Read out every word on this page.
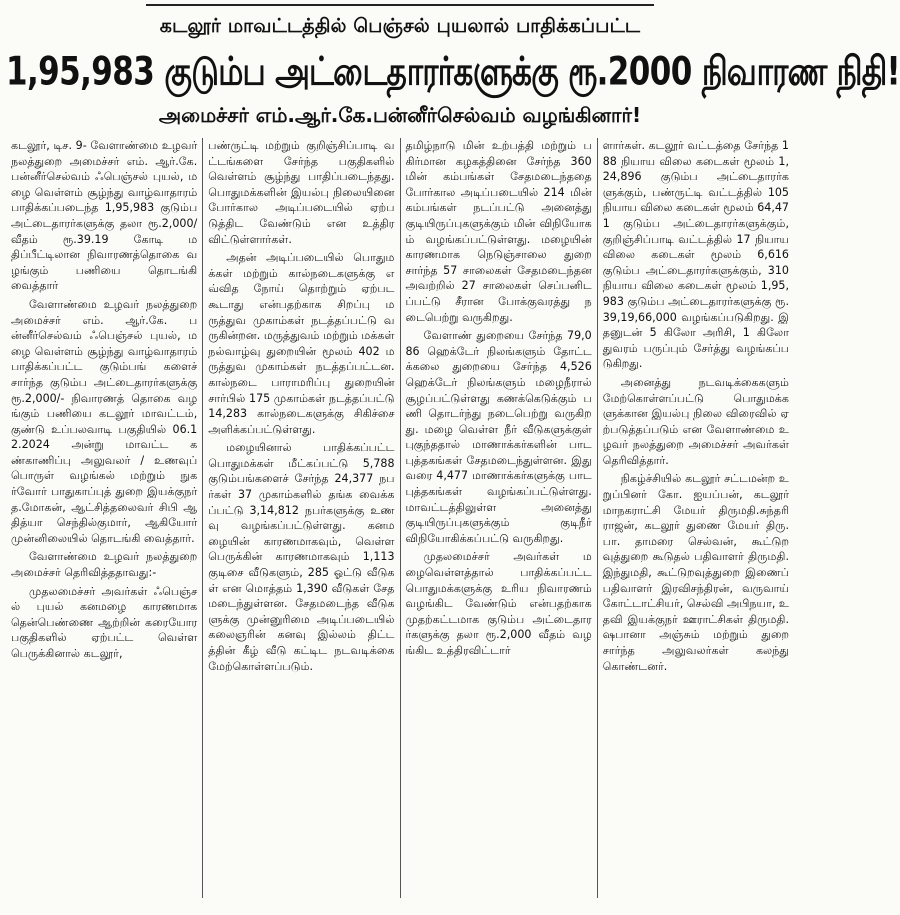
கடலூர் மாவட்டத்தில் பெஞ்சல் புயலால் பாதிக்கப்பட்ட
1,95,983 குடும்ப அட்டைதாரர்களுக்கு ரூ.2000 நிவாரண நிதி!
அமைச்சர் எம்.ஆர்.கே.பன்னீர்செல்வம் வழங்கினார்!

கடலூர், டிச. 9- வேளாண்மை உழவர் நலத்துறை அமைச்சர் எம். ஆர்.கே. பன்னீர்செல்வம் ஃபெஞ்சல் புயல், மழை வெள்ளம் சூழ்ந்து வாழ்வாதாரம் பாதிக்கப்படைந்த 1,95,983 குடும்ப அட்டைதாரர்களுக்கு தலா ரூ.2,000/ வீதம் ரூ.39.19 கோடி மதிப்பீட்டிலான நிவாரணத்தொகை வழங்கும் பணியை தொடங்கி வைத்தார்

வேளாண்மை உழவர் நலத்துறை அமைச்சர் எம். ஆர்.கே. பன்னீர்செல்வம் ஃபெஞ்சல் புயல், மழை வெள்ளம் சூழ்ந்து வாழ்வாதாரம் பாதிக்கப்பட்ட குடும்பங் களைச் சார்ந்த குடும்ப அட்டைதாரர்களுக்கு ரூ.2,000/- நிவாரணத் தொகை வழங்கும் பணியை கடலூர் மாவட்டம், குண்டு உப்பலவாடி பகுதியில் 06.12.2024 அன்று மாவட்ட கண்காணிப்பு அலுவலர் / உணவுப் பொருள் வழங்கல் மற்றும் நுகர்வோர் பாதுகாப்புத் துறை இயக்குநர் த.மோகன், ஆட்சித்தலைவர் சிபி ஆதித்யா செந்தில்குமார், ஆகியோர் முன்னிலையில் தொடங்கி வைத்தார்.

வேளாண்மை உழவர் நலத்துறை அமைச்சர் தெரிவித்ததாவது:-

முதலமைச்சர் அவர்கள் ஃபெஞ்சல் புயல் கனமழை காரணமாக தென்பெண்ணை ஆற்றின் கரையோர பகுதிகளில் ஏற்பட்ட வெள்ள பெருக்கினால் கடலூர்,

பண்ருட்டி மற்றும் குறிஞ்சிப்பாடி வட்டங்களை சேர்ந்த பகுதிகளில் வெள்ளம் சூழ்ந்து பாதிப்படைந்தது. பொதுமக்களின் இயல்பு நிலையினை போர்கால அடிப்படையில் ஏற்படுத்திட வேண்டும் என உத்திரவிட்டுள்ளார்கள்.

அதன் அடிப்படையில் பொதுமக்கள் மற்றும் கால்நடைகளுக்கு எவ்வித நோய் தொற்றும் ஏற்படகூடாது என்பதற்காக சிறப்பு மருத்துவ முகாம்கள் நடத்தப்பட்டு வருகின்றன. மருத்துவம் மற்றும் மக்கள் நல்வாழ்வு துறையின் மூலம் 402 மருத்துவ முகாம்கள் நடத்தப்பட்டன. கால்நடை பாராமரிப்பு துறையின் சார்பில் 175 முகாம்கள் நடத்தப்பட்டு 14,283 கால்நடைகளுக்கு சிகிச்சை அளிக்கப்பட்டுள்ளது.

மழையினால் பாதிக்கப்பட்ட பொதுமக்கள் மீட்கப்பட்டு 5,788 குடும்பங்களைச் சேர்ந்த 24,377 நபர்கள் 37 முகாம்களில் தங்க வைக்கப்பட்டு 3,14,812 நபர்களுக்கு உணவு வழங்கப்பட்டுள்ளது. கனமழையின் காரணமாகவும், வெள்ள பெருக்கின் காரணமாகவும் 1,113 குடிசை வீடுகளும், 285 ஓட்டு வீடுகள் என மொத்தம் 1,390 வீடுகள் சேதமடைந்துள்ளன. சேதமடைந்த வீடுகளுக்கு முன்னுரிமை அடிப்படையில் கலைஞரின் கனவு இல்லம் திட்டத்தின் கீழ் வீடு கட்டிட நடவடிக்கை மேற்கொள்ளப்படும்.

தமிழ்நாடு மின் உற்பத்தி மற்றும் பகிர்மான கழகத்தினை சேர்ந்த 360 மின் கம்பங்கள் சேதமடைந்ததை போர்கால அடிப்படையில் 214 மின் கம்பங்கள் நடப்பட்டு அனைத்து குடியிருப்புகளுக்கும் மின் விநியோகம் வழங்கப்பட்டுள்ளது. மழையின் காரணமாக நெடுஞ்சாலை துறை சார்ந்த 57 சாலைகள் சேதமடைந்தன அவற்றில் 27 சாலைகள் செப்பனிடப்பட்டு சீரான போக்குவரத்து நடைபெற்று வருகிறது.

வேளாண் துறையை சேர்ந்த 79,086 ஹெக்டேர் நிலங்களும் தோட்டக்கலை துறையை சேர்ந்த 4,526 ஹெக்டேர் நிலங்களும் மழைநீரால் சூழப்பட்டுள்ளது கணக்கெடுக்கும் பணி தொடர்ந்து நடைபெற்று வருகிறது. மழை வெள்ள நீர் வீடுகளுக்குள் புகுந்ததால் மாணாக்கர்களின் பாட புத்தகங்கள் சேதமடைந்துள்ளன. இது வரை 4,477 மாணாக்கர்களுக்கு பாட புத்தகங்கள் வழங்கப்பட்டுள்ளது. மாவட்டத்திலுள்ள அனைத்து குடியிருப்புகளுக்கும் குடிநீர் விநியோகிக்கப்பட்டு வருகிறது.

முதலமைச்சர் அவர்கள் மழைவெள்ளத்தால் பாதிக்கப்பட்ட பொதுமக்களுக்கு உரிய நிவாரணம் வழங்கிட வேண்டும் என்பதற்காக முதற்கட்டமாக குடும்ப அட்டைதாரர்களுக்கு தலா ரூ.2,000 வீதம் வழங்கிட உத்திரவிட்டார்

ளார்கள். கடலூர் வட்டத்தை சேர்ந்த 188 நியாய விலை கடைகள் மூலம் 1,24,896 குடும்ப அட்டைதாரர்களுக்கும், பண்ருட்டி வட்டத்தில் 105 நியாய விலை கடைகள் மூலம் 64,471 குடும்ப அட்டைதாரர்களுக்கும், குறிஞ்சிப்பாடி வட்டத்தில் 17 நியாய விலை கடைகள் மூலம் 6,616 குடும்ப அட்டைதாரர்களுக்கும், 310 நியாய விலை கடைகள் மூலம் 1,95,983 குடும்ப அட்டைதாரர்களுக்கு ரூ.39,19,66,000 வழங்கப்படுகிறது. இதனுடன் 5 கிலோ அரிசி, 1 கிலோ துவரம் பருப்பும் சேர்த்து வழங்கப்படுகிறது.

அனைத்து நடவடிக்கைகளும் மேற்கொள்ளப்பட்டு பொதுமக்களுக்கான இயல்பு நிலை விரைவில் ஏற்படுத்தப்படும் என வேளாண்மை உழவர் நலத்துறை அமைச்சர் அவர்கள் தெரிவித்தார்.

நிகழ்ச்சியில் கடலூர் சட்டமன்ற உறுப்பினர் கோ. ஐயப்பன், கடலூர் மாநகராட்சி மேயர் திருமதி.சுந்தரி ராஜன், கடலூர் துணை மேயர் திரு.பா. தாமரை செல்வன், கூட்டுறவுத்துறை கூடுதல் பதிவாளர் திருமதி.இந்துமதி, கூட்டுறவுத்துறை இணைப் பதிவாளர் இரவிசந்திரன், வருவாய் கோட்டாட்சியர், செல்வி அபிநயா, உதவி இயக்குநர் ஊராட்சிகள் திருமதி.ஷபானா அஞ்சும் மற்றும் துறை சார்ந்த அலுவலர்கள் கலந்து கொண்டனர்.
